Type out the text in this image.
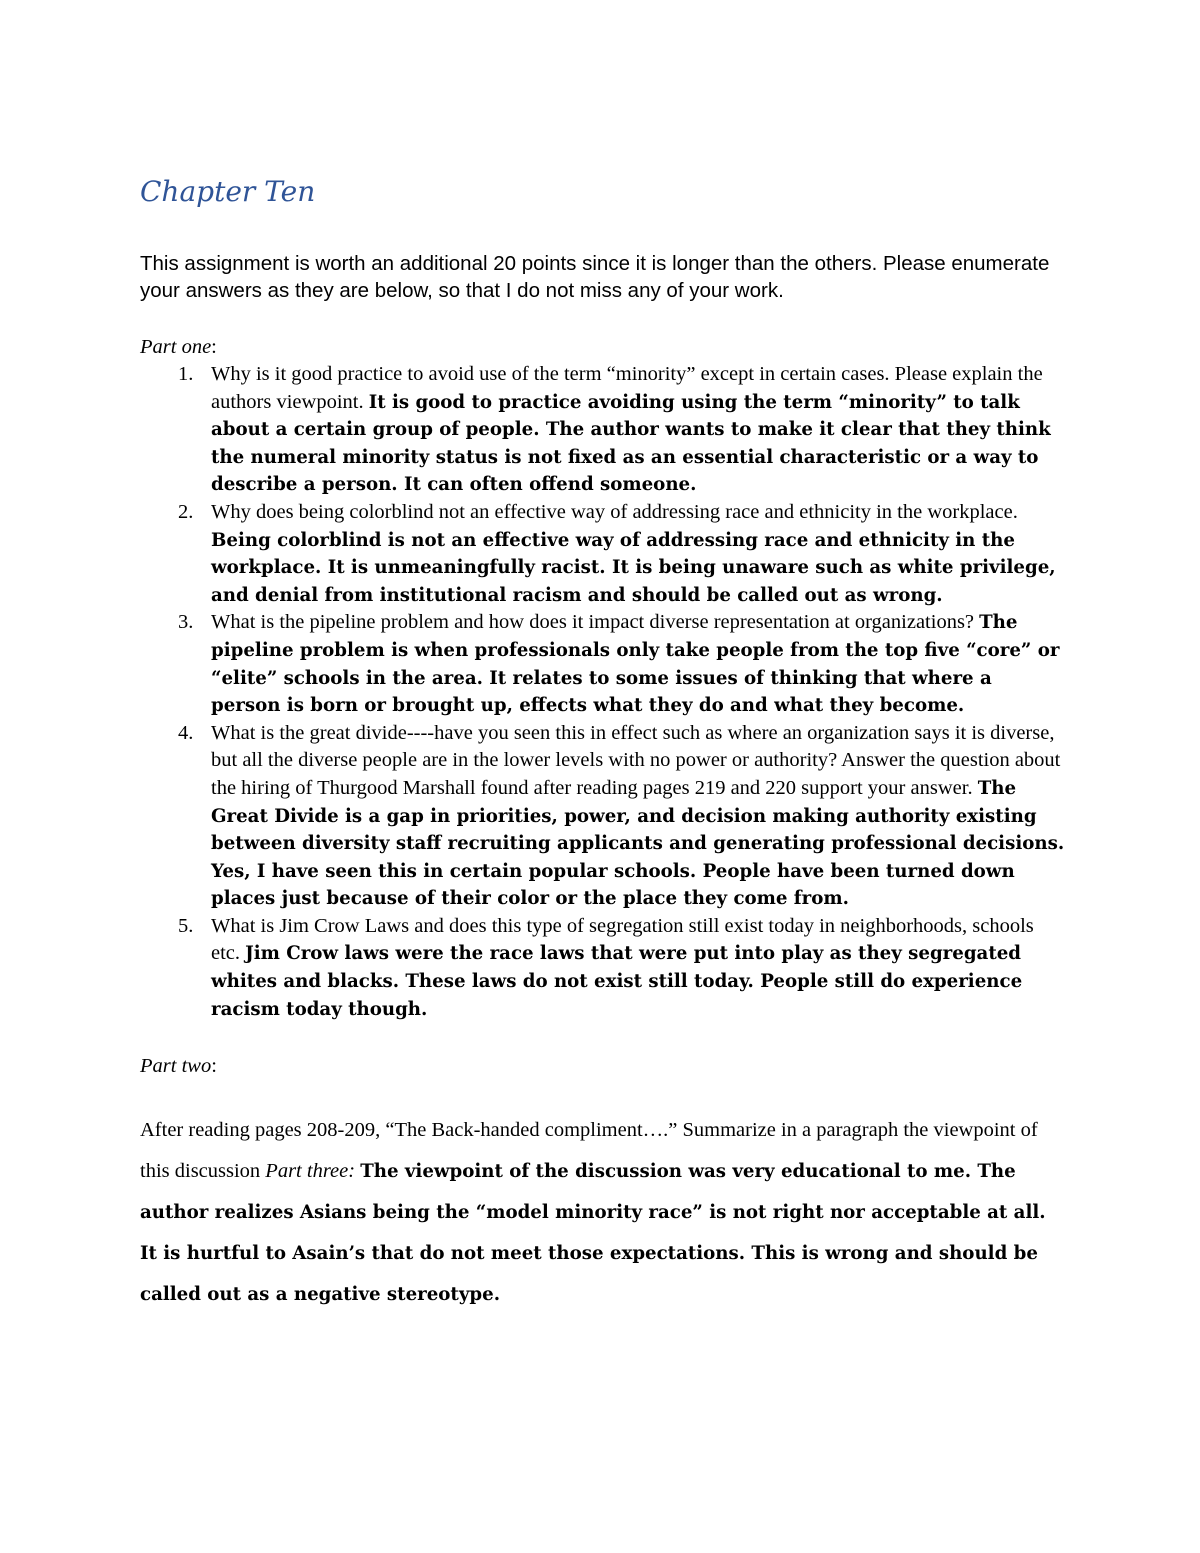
Chapter Ten

This assignment is worth an additional 20 points since it is longer than the others. Please enumerate your answers as they are below, so that I do not miss any of your work.

Part one:

1. Why is it good practice to avoid use of the term “minority” except in certain cases. Please explain the authors viewpoint. It is good to practice avoiding using the term “minority” to talk about a certain group of people. The author wants to make it clear that they think the numeral minority status is not fixed as an essential characteristic or a way to describe a person. It can often offend someone.
2. Why does being colorblind not an effective way of addressing race and ethnicity in the workplace. Being colorblind is not an effective way of addressing race and ethnicity in the workplace. It is unmeaningfully racist. It is being unaware such as white privilege, and denial from institutional racism and should be called out as wrong.
3. What is the pipeline problem and how does it impact diverse representation at organizations? The pipeline problem is when professionals only take people from the top five “core” or “elite” schools in the area. It relates to some issues of thinking that where a person is born or brought up, effects what they do and what they become.
4. What is the great divide----have you seen this in effect such as where an organization says it is diverse, but all the diverse people are in the lower levels with no power or authority? Answer the question about the hiring of Thurgood Marshall found after reading pages 219 and 220 support your answer. The Great Divide is a gap in priorities, power, and decision making authority existing between diversity staff recruiting applicants and generating professional decisions. Yes, I have seen this in certain popular schools. People have been turned down places just because of their color or the place they come from.
5. What is Jim Crow Laws and does this type of segregation still exist today in neighborhoods, schools etc. Jim Crow laws were the race laws that were put into play as they segregated whites and blacks. These laws do not exist still today. People still do experience racism today though.

Part two:

After reading pages 208-209, “The Back-handed compliment….” Summarize in a paragraph the viewpoint of this discussion Part three: The viewpoint of the discussion was very educational to me. The author realizes Asians being the “model minority race” is not right nor acceptable at all. It is hurtful to Asain’s that do not meet those expectations. This is wrong and should be called out as a negative stereotype.
